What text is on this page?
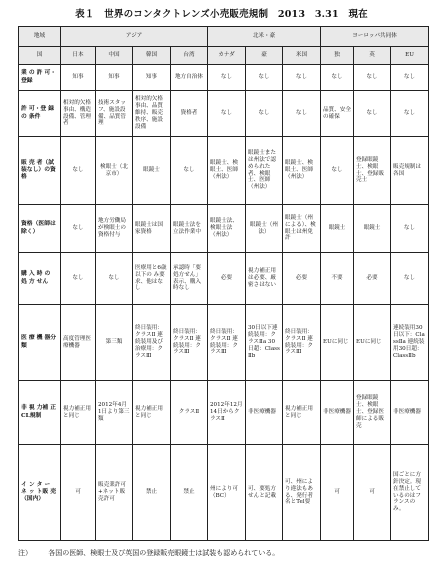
表１　世界のコンタクトレンズ小売販売規制　2013　3.31　現在
地域	アジア				北米・豪			ヨーロッパ共同体		
国	日本	中国	韓国	台湾	カナダ	豪	米国	独	英	EU
業 の 許 可・登録	知事	知事	知事	地方自治体	なし	なし	なし	なし	なし	なし
許 可・登 録 の 条件	相対的欠格事由、構造設備、管理者	技術スタッフ、施設設備、品質管理	相対的欠格事由、品質維持、販売秩序、施設設備	資格者	なし	なし	なし	品質、安全の確保	なし	なし
販 売 者（試 装なし）の資格	なし	検眼士（北京市）	眼鏡士	なし	眼鏡士、検眼士、医師（州法）	眼鏡士または州法で認められた者、検眼士、医師（州法）	眼鏡士、検眼士、医師（州法）	なし	登録眼鏡士、検眼士、登録販売士	販売規制は各国
資格（医師は除く）	なし	地方労働局が検眼士の資格付与	眼鏡士は国家資格	眼鏡士法を立法作業中	眼鏡士法、検眼士法（州法）	眼鏡士（州法）	眼鏡士（州による）、検眼士は州免許	眼鏡士	眼鏡士	なし
購 入 時 の 処 方 せん	なし	なし	医療用と6歳以下の み要求、他はなし	承認時「要処方せん」表示、購入時なし	必要	視力補正用は必要、厳密さはない	必要	不要	必要	なし
医 療 機 器分類	高度管理医療機器	第三類	終日装用：クラスⅡ 連続装用及び治療用：クラスⅢ	終日装用：クラスⅡ 連続装用：クラスⅢ	終日装用：クラスⅡ 連続装用：クラスⅢ	30日以下連続装用：クラスⅡa 30日超：ClassⅡb	終日装用：クラスⅡ 連続装用：クラスⅢ	EUに同じ	EUに同じ	連続装用30日以下：ClassⅡa 連続装用30日超：ClassⅡb
非 視 力補 正 CL規制	視力補正用と同じ	2012年4月1日より第三類	視力補正用と同じ	クラスⅡ	2012年12月14日からクラスⅡ	非医療機器	視力補正用と同じ	非医療機器	登録眼鏡士、検眼士、登録医師による販売	非医療機器
イ ン タ ー ネ ッ ト販 売（国内）	可	販売業許可+ネット販売許可	禁止	禁止	州により可（BC）	可、要処方せんと記載	可、州により違法もある、発行者名とTel要	可	可	国ごとに方針決定。現在禁止しているのはフランスのみ。
注） 各国の医師、検眼士及び英国の登録販売眼鏡士は試装も認められている。
